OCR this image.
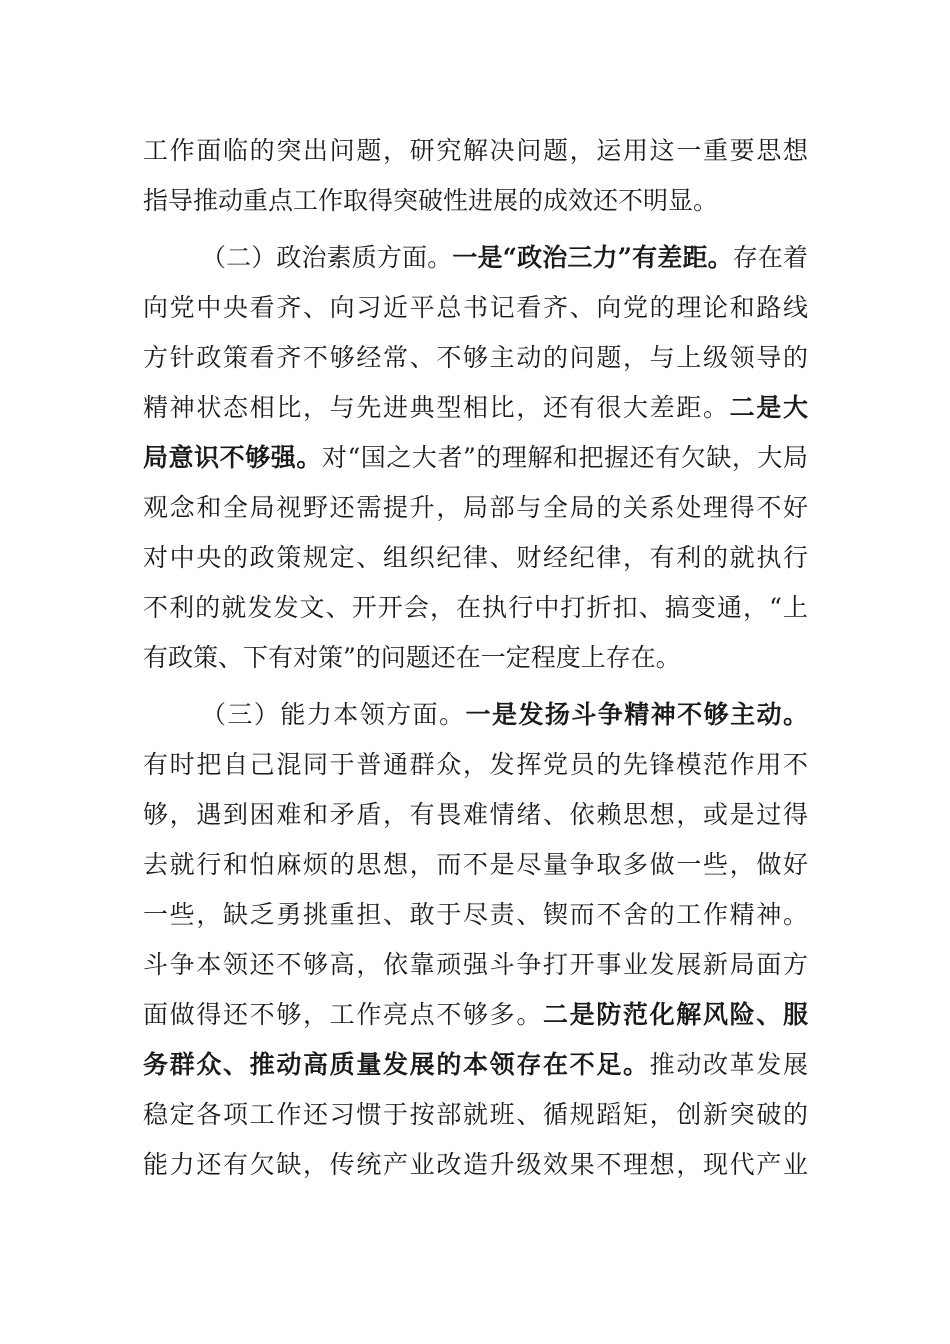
工作面临的突出问题，研究解决问题，运用这一重要思想
指导推动重点工作取得突破性进展的成效还不明显。
（二）政治素质方面。一是“政治三力”有差距。存在着
向党中央看齐、向习近平总书记看齐、向党的理论和路线
方针政策看齐不够经常、不够主动的问题，与上级领导的
精神状态相比，与先进典型相比，还有很大差距。二是大
局意识不够强。对“国之大者”的理解和把握还有欠缺，大局
观念和全局视野还需提升，局部与全局的关系处理得不好
对中央的政策规定、组织纪律、财经纪律，有利的就执行
不利的就发发文、开开会，在执行中打折扣、搞变通，“上
有政策、下有对策”的问题还在一定程度上存在。
（三）能力本领方面。一是发扬斗争精神不够主动。
有时把自己混同于普通群众，发挥党员的先锋模范作用不
够，遇到困难和矛盾，有畏难情绪、依赖思想，或是过得
去就行和怕麻烦的思想，而不是尽量争取多做一些，做好
一些，缺乏勇挑重担、敢于尽责、锲而不舍的工作精神。
斗争本领还不够高，依靠顽强斗争打开事业发展新局面方
面做得还不够，工作亮点不够多。二是防范化解风险、服
务群众、推动高质量发展的本领存在不足。推动改革发展
稳定各项工作还习惯于按部就班、循规蹈矩，创新突破的
能力还有欠缺，传统产业改造升级效果不理想，现代产业
